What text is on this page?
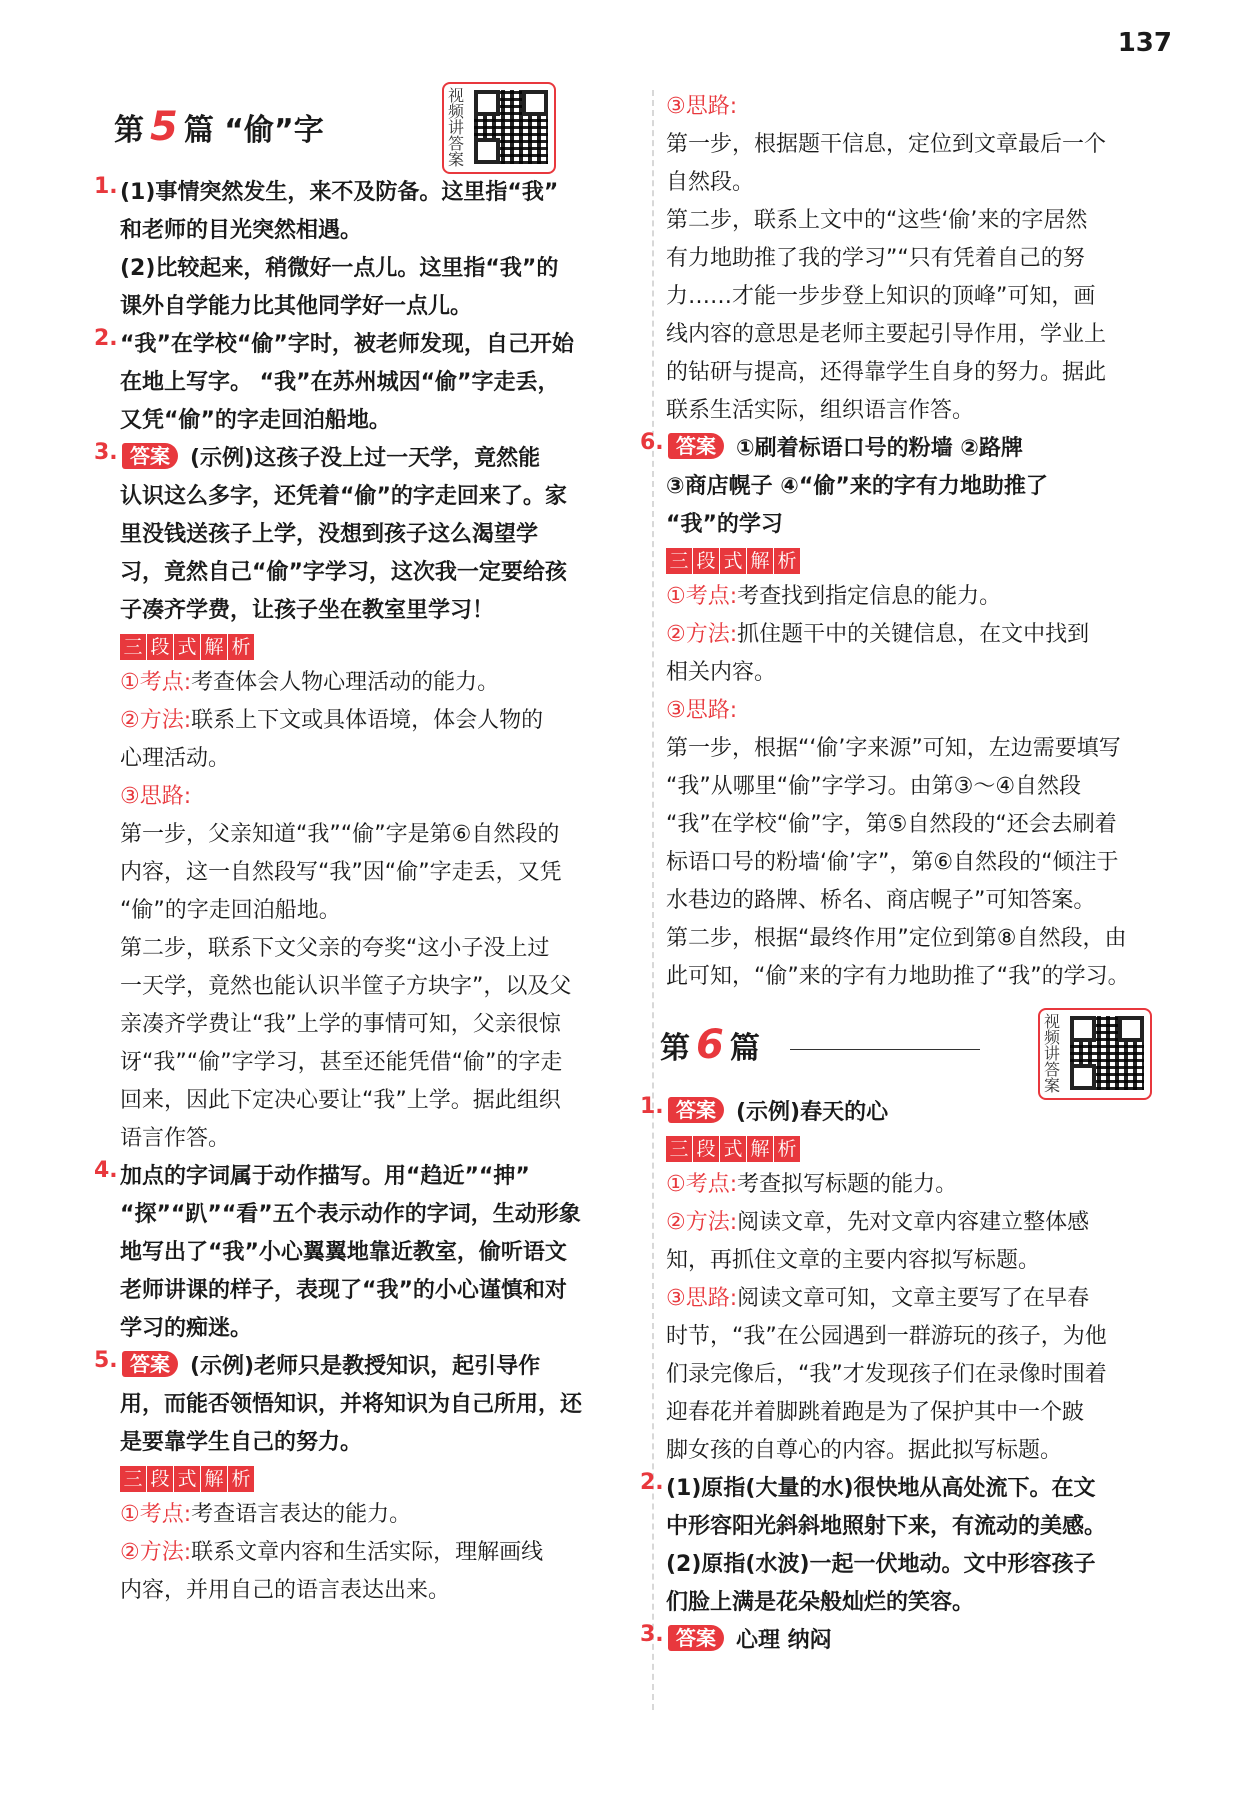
137
第 5 篇 “偷”字
视频讲答案
1. (1)事情突然发生，来不及防备。这里指“我”

和老师的目光突然相遇。

(2)比较起来，稍微好一点儿。这里指“我”的

课外自学能力比其他同学好一点儿。

2. “我”在学校“偷”字时，被老师发现，自己开始

在地上写字。 “我”在苏州城因“偷”字走丢，

又凭“偷”的字走回泊船地。

3. 答案 (示例)这孩子没上过一天学，竟然能

认识这么多字，还凭着“偷”的字走回来了。家

里没钱送孩子上学，没想到孩子这么渴望学

习，竟然自己“偷”字学习，这次我一定要给孩

子凑齐学费，让孩子坐在教室里学习！

三 段 式 解 析

①考点:考查体会人物心理活动的能力。

②方法:联系上下文或具体语境，体会人物的

心理活动。

③思路:

第一步，父亲知道“我”“偷”字是第⑥自然段的

内容，这一自然段写“我”因“偷”字走丢，又凭

“偷”的字走回泊船地。

第二步，联系下文父亲的夸奖“这小子没上过

一天学，竟然也能认识半筐子方块字”，以及父

亲凑齐学费让“我”上学的事情可知，父亲很惊

讶“我”“偷”字学习，甚至还能凭借“偷”的字走

回来，因此下定决心要让“我”上学。据此组织

语言作答。

4. 加点的字词属于动作描写。用“趋近”“抻”

“探”“趴”“看”五个表示动作的字词，生动形象

地写出了“我”小心翼翼地靠近教室，偷听语文

老师讲课的样子，表现了“我”的小心谨慎和对

学习的痴迷。

5. 答案 (示例)老师只是教授知识，起引导作

用，而能否领悟知识，并将知识为自己所用，还

是要靠学生自己的努力。

三 段 式 解 析

①考点:考查语言表达的能力。

②方法:联系文章内容和生活实际，理解画线

内容，并用自己的语言表达出来。

③思路:

第一步，根据题干信息，定位到文章最后一个

自然段。

第二步，联系上文中的“这些‘偷’来的字居然

有力地助推了我的学习”“只有凭着自己的努

力……才能一步步登上知识的顶峰”可知，画

线内容的意思是老师主要起引导作用，学业上

的钻研与提高，还得靠学生自身的努力。据此

联系生活实际，组织语言作答。

6. 答案 ①刷着标语口号的粉墙 ②路牌

③商店幌子 ④“偷”来的字有力地助推了

“我”的学习

三 段 式 解 析

①考点:考查找到指定信息的能力。

②方法:抓住题干中的关键信息，在文中找到

相关内容。

③思路:

第一步，根据“‘偷’字来源”可知，左边需要填写

“我”从哪里“偷”字学习。由第③～④自然段

“我”在学校“偷”字，第⑤自然段的“还会去刷着

标语口号的粉墙‘偷’字”，第⑥自然段的“倾注于

水巷边的路牌、桥名、商店幌子”可知答案。

第二步，根据“最终作用”定位到第⑧自然段，由

此可知，“偷”来的字有力地助推了“我”的学习。

第 6 篇
视频讲答案
1. 答案 (示例)春天的心

三 段 式 解 析

①考点:考查拟写标题的能力。

②方法:阅读文章，先对文章内容建立整体感

知，再抓住文章的主要内容拟写标题。

③思路:阅读文章可知，文章主要写了在早春

时节，“我”在公园遇到一群游玩的孩子，为他

们录完像后，“我”才发现孩子们在录像时围着

迎春花并着脚跳着跑是为了保护其中一个跛

脚女孩的自尊心的内容。据此拟写标题。

2. (1)原指(大量的水)很快地从高处流下。在文

中形容阳光斜斜地照射下来，有流动的美感。

(2)原指(水波)一起一伏地动。文中形容孩子

们脸上满是花朵般灿烂的笑容。

3. 答案 心理 纳闷
